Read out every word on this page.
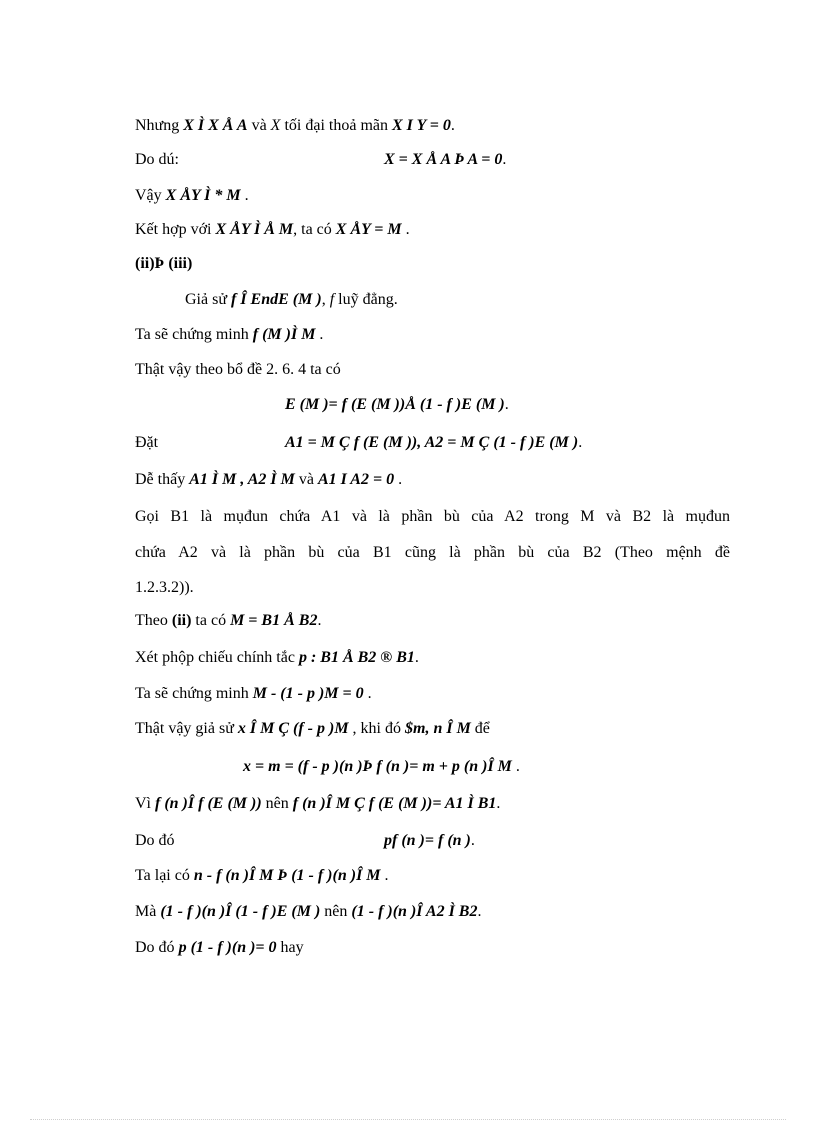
Nhưng X Ì X Å A và X tối đại thoả mãn X I Y = 0.
Do dú:	X = X Å A Þ A = 0.
Vậy X ÅY Ì * M .
Kết hợp với X ÅY Ì Å M, ta có X ÅY = M .
(ii)Þ (iii)
Giả sử f Î EndE (M ), f luỹ đẳng.
Ta sẽ chứng minh f (M )Ì M .
Thật vậy theo bổ đề 2. 6. 4 ta có
E (M )= f (E (M ))Å (1 - f )E (M ).
Đặt	A1 = M Ç f (E (M )), A2 = M Ç (1 - f )E (M ).
Dễ thấy A1 Ì M , A2 Ì M và A1 I A2 = 0 .
Gọi B1 là mụđun chứa A1 và là phần bù của A2 trong M và B2 là mụđun
chứa A2 và là phần bù của B1 cũng là phần bù của B2 (Theo mệnh đề
1.2.3.2)).
Theo (ii) ta có M = B1 Å B2.
Xét phộp chiếu chính tắc p : B1 Å B2 ® B1.
Ta sẽ chứng minh M - (1 - p )M = 0 .
Thật vậy giả sử x Î M Ç (f - p )M , khi đó $m, n Î M để
x = m = (f - p )(n )Þ f (n )= m + p (n )Î M .
Vì f (n )Î f (E (M )) nên f (n )Î M Ç f (E (M ))= A1 Ì B1.
Do đó	pf (n )= f (n ).
Ta lại có n - f (n )Î M Þ (1 - f )(n )Î M .
Mà (1 - f )(n )Î (1 - f )E (M ) nên (1 - f )(n )Î A2 Ì B2.
Do đó p (1 - f )(n )= 0 hay
